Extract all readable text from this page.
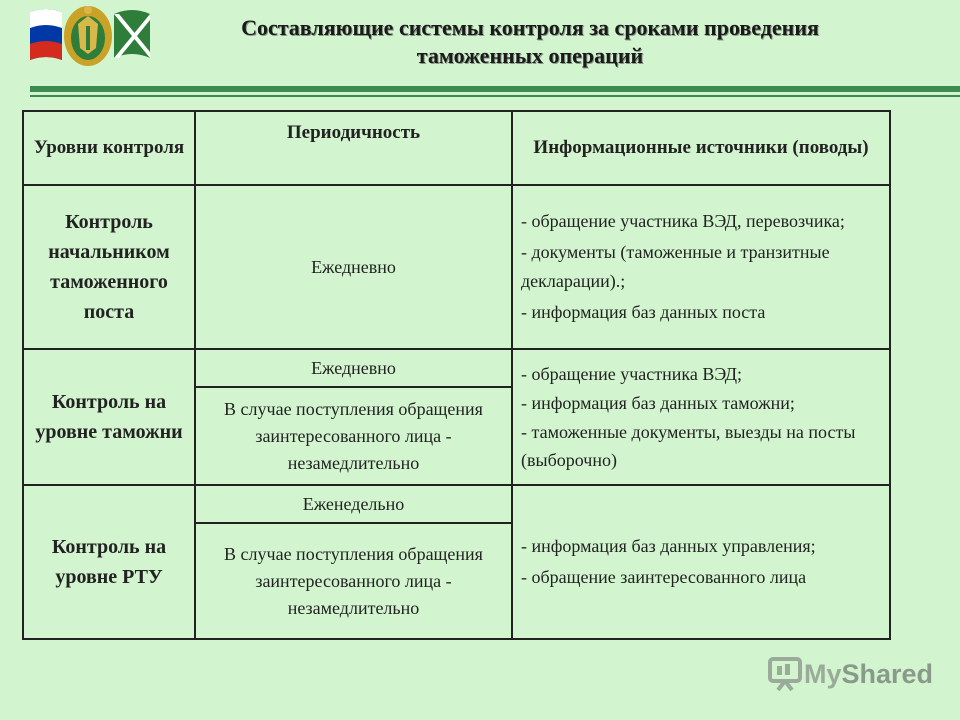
Составляющие системы контроля за сроками проведения
таможенных операций
Уровни контроля	Периодичность	Информационные источники (поводы)
Контроль начальником таможенного поста	Ежедневно	- обращение участника ВЭД, перевозчика;
- документы (таможенные и транзитные декларации).;
- информация баз данных поста

Контроль на уровне таможни	Ежедневно	- обращение участника ВЭД;
- информация баз данных таможни;
- таможенные документы, выезды на посты (выборочно)

	В случае поступления обращения заинтересованного лица - незамедлительно	
Контроль на уровне РТУ	Еженедельно	- информация баз данных управления;
- обращение заинтересованного лица

	В случае поступления обращения заинтересованного лица - незамедлительно	
My Shared
